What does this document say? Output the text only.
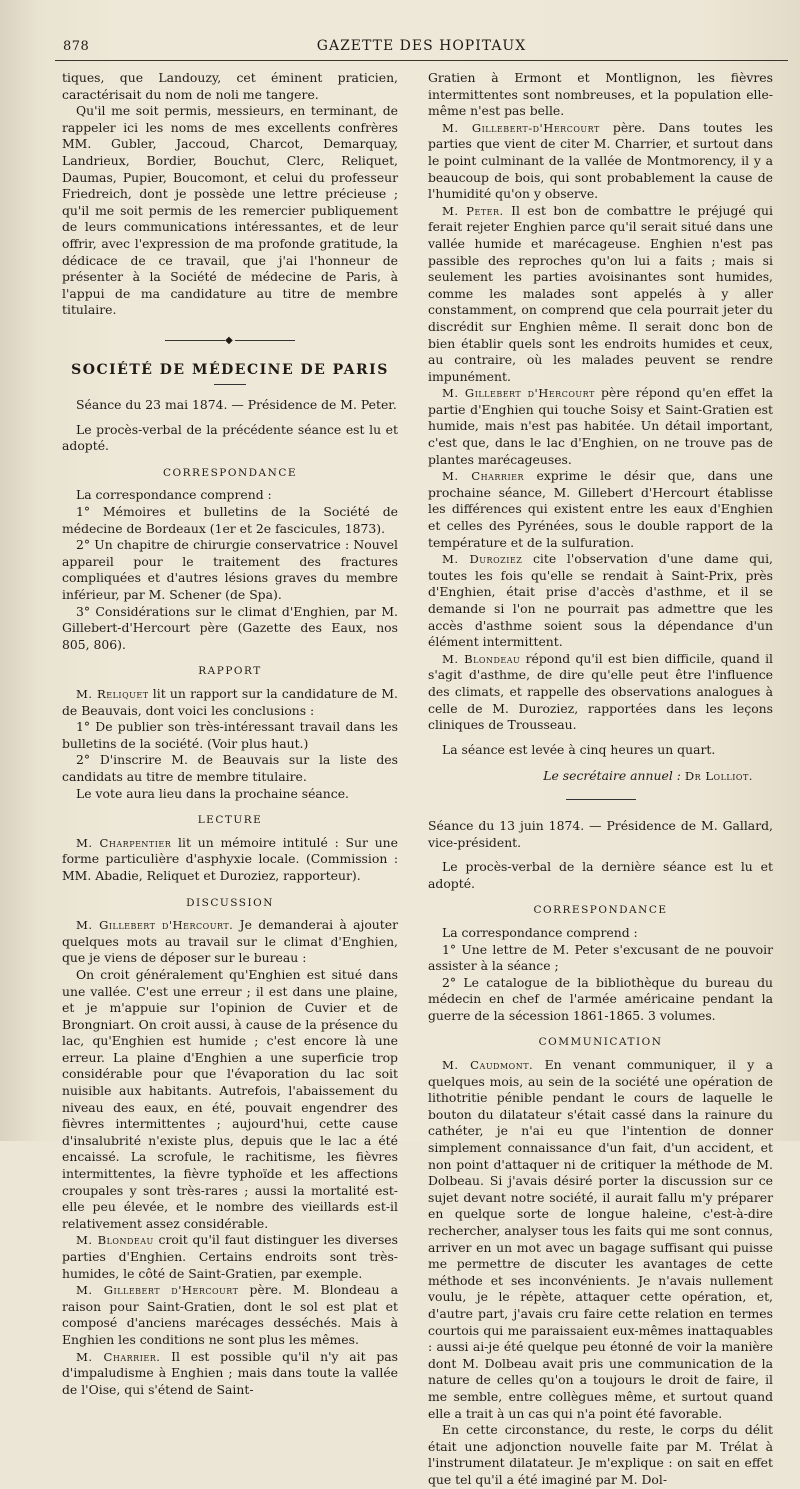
878	GAZETTE DES HOPITAUX

tiques, que Landouzy, cet éminent praticien, caractérisait du nom de noli me tangere.

Qu'il me soit permis, messieurs, en terminant, de rappeler ici les noms de mes excellents confrères MM. Gubler, Jaccoud, Charcot, Demarquay, Landrieux, Bordier, Bouchut, Clerc, Reliquet, Daumas, Pupier, Boucomont, et celui du professeur Friedreich, dont je possède une lettre précieuse ; qu'il me soit permis de les remercier publiquement de leurs communications intéressantes, et de leur offrir, avec l'expression de ma profonde gratitude, la dédicace de ce travail, que j'ai l'honneur de présenter à la Société de médecine de Paris, à l'appui de ma candidature au titre de membre titulaire.

◆
SOCIÉTÉ DE MÉDECINE DE PARIS

Séance du 23 mai 1874. — Présidence de M. Peter.

Le procès-verbal de la précédente séance est lu et adopté.

CORRESPONDANCE

La correspondance comprend :

1° Mémoires et bulletins de la Société de médecine de Bordeaux (1er et 2e fascicules, 1873).

2° Un chapitre de chirurgie conservatrice : Nouvel appareil pour le traitement des fractures compliquées et d'autres lésions graves du membre inférieur, par M. Schener (de Spa).

3° Considérations sur le climat d'Enghien, par M. Gillebert-d'Hercourt père (Gazette des Eaux, nos 805, 806).

RAPPORT

M. Reliquet lit un rapport sur la candidature de M. de Beauvais, dont voici les conclusions :

1° De publier son très-intéressant travail dans les bulletins de la société. (Voir plus haut.)

2° D'inscrire M. de Beauvais sur la liste des candidats au titre de membre titulaire.

Le vote aura lieu dans la prochaine séance.

LECTURE

M. Charpentier lit un mémoire intitulé : Sur une forme particulière d'asphyxie locale. (Commission : MM. Abadie, Reliquet et Duroziez, rapporteur).

DISCUSSION

M. Gillebert d'Hercourt. Je demanderai à ajouter quelques mots au travail sur le climat d'Enghien, que je viens de déposer sur le bureau :

On croit généralement qu'Enghien est situé dans une vallée. C'est une erreur ; il est dans une plaine, et je m'appuie sur l'opinion de Cuvier et de Brongniart. On croit aussi, à cause de la présence du lac, qu'Enghien est humide ; c'est encore là une erreur. La plaine d'Enghien a une superficie trop considérable pour que l'évaporation du lac soit nuisible aux habitants. Autrefois, l'abaissement du niveau des eaux, en été, pouvait engendrer des fièvres intermittentes ; aujourd'hui, cette cause d'insalubrité n'existe plus, depuis que le lac a été encaissé. La scrofule, le rachitisme, les fièvres intermittentes, la fièvre typhoïde et les affections croupales y sont très-rares ; aussi la mortalité est-elle peu élevée, et le nombre des vieillards est-il relativement assez considérable.

M. Blondeau croit qu'il faut distinguer les diverses parties d'Enghien. Certains endroits sont très-humides, le côté de Saint-Gratien, par exemple.

M. Gillebert d'Hercourt père. M. Blondeau a raison pour Saint-Gratien, dont le sol est plat et composé d'anciens marécages desséchés. Mais à Enghien les conditions ne sont plus les mêmes.

M. Charrier. Il est possible qu'il n'y ait pas d'impaludisme à Enghien ; mais dans toute la vallée de l'Oise, qui s'étend de Saint-

Gratien à Ermont et Montlignon, les fièvres intermittentes sont nombreuses, et la population elle-même n'est pas belle.

M. Gillebert-d'Hercourt père. Dans toutes les parties que vient de citer M. Charrier, et surtout dans le point culminant de la vallée de Montmorency, il y a beaucoup de bois, qui sont probablement la cause de l'humidité qu'on y observe.

M. Peter. Il est bon de combattre le préjugé qui ferait rejeter Enghien parce qu'il serait situé dans une vallée humide et marécageuse. Enghien n'est pas passible des reproches qu'on lui a faits ; mais si seulement les parties avoisinantes sont humides, comme les malades sont appelés à y aller constamment, on comprend que cela pourrait jeter du discrédit sur Enghien même. Il serait donc bon de bien établir quels sont les endroits humides et ceux, au contraire, où les malades peuvent se rendre impunément.

M. Gillebert d'Hercourt père répond qu'en effet la partie d'Enghien qui touche Soisy et Saint-Gratien est humide, mais n'est pas habitée. Un détail important, c'est que, dans le lac d'Enghien, on ne trouve pas de plantes marécageuses.

M. Charrier exprime le désir que, dans une prochaine séance, M. Gillebert d'Hercourt établisse les différences qui existent entre les eaux d'Enghien et celles des Pyrénées, sous le double rapport de la température et de la sulfuration.

M. Duroziez cite l'observation d'une dame qui, toutes les fois qu'elle se rendait à Saint-Prix, près d'Enghien, était prise d'accès d'asthme, et il se demande si l'on ne pourrait pas admettre que les accès d'asthme soient sous la dépendance d'un élément intermittent.

M. Blondeau répond qu'il est bien difficile, quand il s'agit d'asthme, de dire qu'elle peut être l'influence des climats, et rappelle des observations analogues à celle de M. Duroziez, rapportées dans les leçons cliniques de Trousseau.

La séance est levée à cinq heures un quart.

Le secrétaire annuel : Dr Lolliot.

Séance du 13 juin 1874. — Présidence de M. Gallard, vice-président.

Le procès-verbal de la dernière séance est lu et adopté.

CORRESPONDANCE

La correspondance comprend :

1° Une lettre de M. Peter s'excusant de ne pouvoir assister à la séance ;

2° Le catalogue de la bibliothèque du bureau du médecin en chef de l'armée américaine pendant la guerre de la sécession 1861-1865. 3 volumes.

COMMUNICATION

M. Caudmont. En venant communiquer, il y a quelques mois, au sein de la société une opération de lithotritie pénible pendant le cours de laquelle le bouton du dilatateur s'était cassé dans la rainure du cathéter, je n'ai eu que l'intention de donner simplement connaissance d'un fait, d'un accident, et non point d'attaquer ni de critiquer la méthode de M. Dolbeau. Si j'avais désiré porter la discussion sur ce sujet devant notre société, il aurait fallu m'y préparer en quelque sorte de longue haleine, c'est-à-dire rechercher, analyser tous les faits qui me sont connus, arriver en un mot avec un bagage suffisant qui puisse me permettre de discuter les avantages de cette méthode et ses inconvénients. Je n'avais nullement voulu, je le répète, attaquer cette opération, et, d'autre part, j'avais cru faire cette relation en termes courtois qui me paraissaient eux-mêmes inattaquables : aussi ai-je été quelque peu étonné de voir la manière dont M. Dolbeau avait pris une communication de la nature de celles qu'on a toujours le droit de faire, il me semble, entre collègues même, et surtout quand elle a trait à un cas qui n'a point été favorable.

En cette circonstance, du reste, le corps du délit était une adjonction nouvelle faite par M. Trélat à l'instrument dilatateur. Je m'explique : on sait en effet que tel qu'il a été imaginé par M. Dol-
